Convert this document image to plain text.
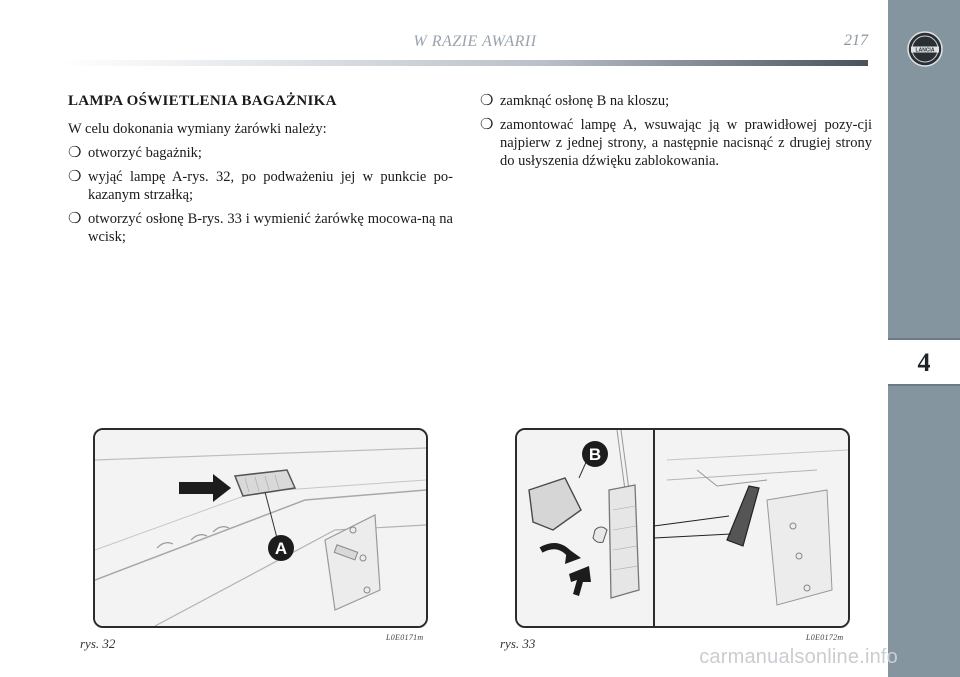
W RAZIE AWARII	217
LANCIA
4
LAMPA OŚWIETLENIA BAGAŻNIKA
W celu dokonania wymiany żarówki należy:
❍ otworzyć bagażnik;
❍ wyjąć lampę A-rys. 32, po podważeniu jej w punkcie po-kazanym strzałką;
❍ otworzyć osłonę B-rys. 33 i wymienić żarówkę mocowa-ną na wcisk;
❍ zamknąć osłonę B na kloszu;
❍ zamontować lampę A, wsuwając ją w prawidłowej pozy-cji najpierw z jednej strony, a następnie nacisnąć z drugiej strony do usłyszenia dźwięku zablokowania.
A
rys. 32	L0E0171m
B
rys. 33	L0E0172m
carmanualsonline.info
